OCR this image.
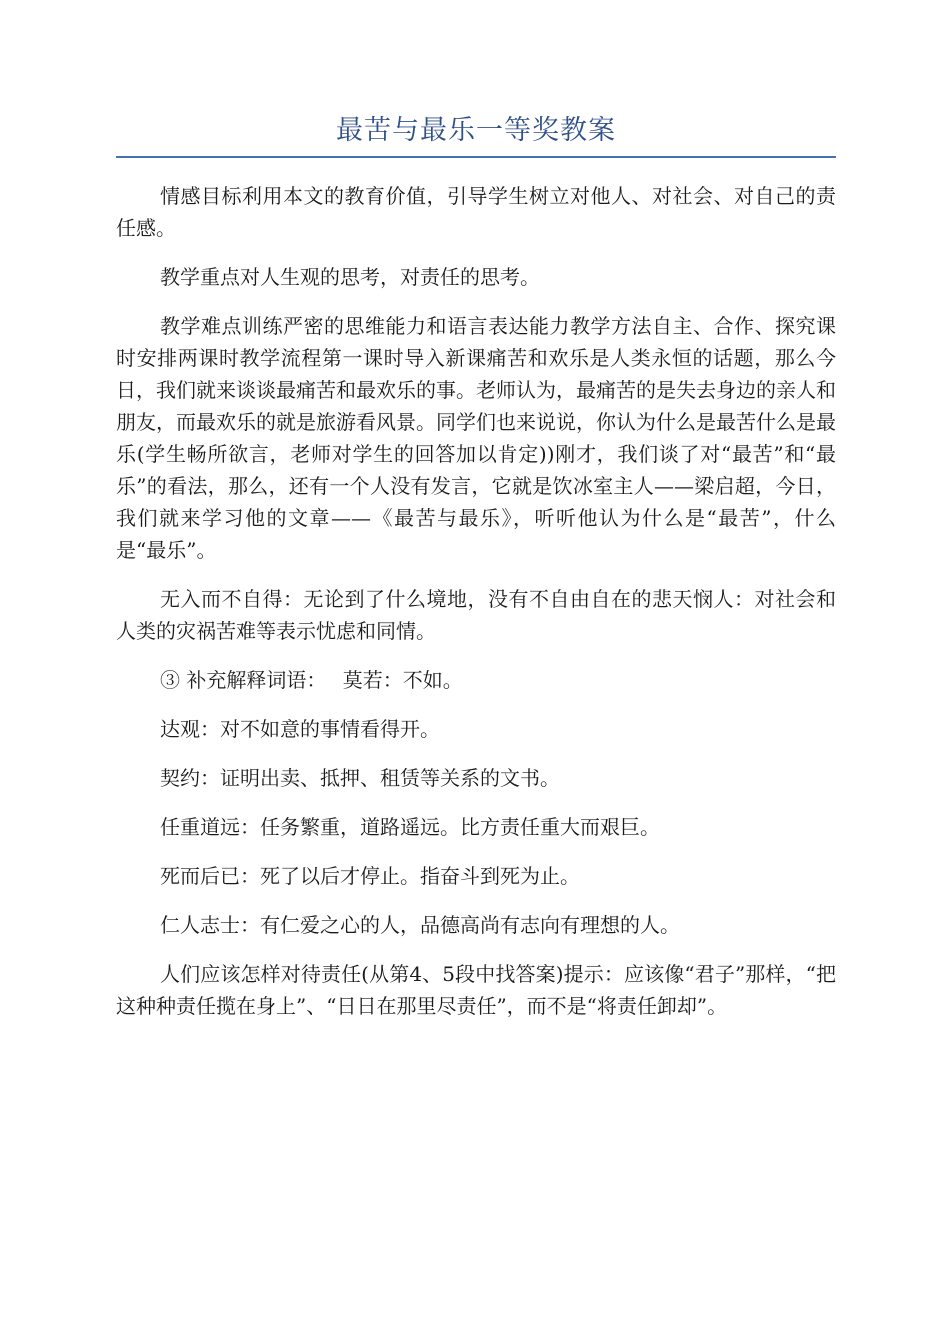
最苦与最乐一等奖教案

情感目标利用本文的教育价值，引导学生树立对他人、对社会、对自己的责任感。

教学重点对人生观的思考，对责任的思考。

教学难点训练严密的思维能力和语言表达能力教学方法自主、合作、探究课时安排两课时教学流程第一课时导入新课痛苦和欢乐是人类永恒的话题，那么今日，我们就来谈谈最痛苦和最欢乐的事。老师认为，最痛苦的是失去身边的亲人和朋友，而最欢乐的就是旅游看风景。同学们也来说说，你认为什么是最苦什么是最乐(学生畅所欲言，老师对学生的回答加以肯定))刚才，我们谈了对“最苦”和“最乐”的看法，那么，还有一个人没有发言，它就是饮冰室主人——梁启超，今日，我们就来学习他的文章——《最苦与最乐》，听听他认为什么是“最苦”，什么是“最乐”。

无入而不自得：无论到了什么境地，没有不自由自在的悲天悯人：对社会和人类的灾祸苦难等表示忧虑和同情。

③ 补充解释词语：　 莫若：不如。

达观：对不如意的事情看得开。

契约：证明出卖、抵押、租赁等关系的文书。

任重道远：任务繁重，道路遥远。比方责任重大而艰巨。

死而后已：死了以后才停止。指奋斗到死为止。

仁人志士：有仁爱之心的人，品德高尚有志向有理想的人。

人们应该怎样对待责任(从第4、5段中找答案)提示：应该像“君子”那样，“把这种种责任揽在身上”、“日日在那里尽责任”，而不是“将责任卸却”。
